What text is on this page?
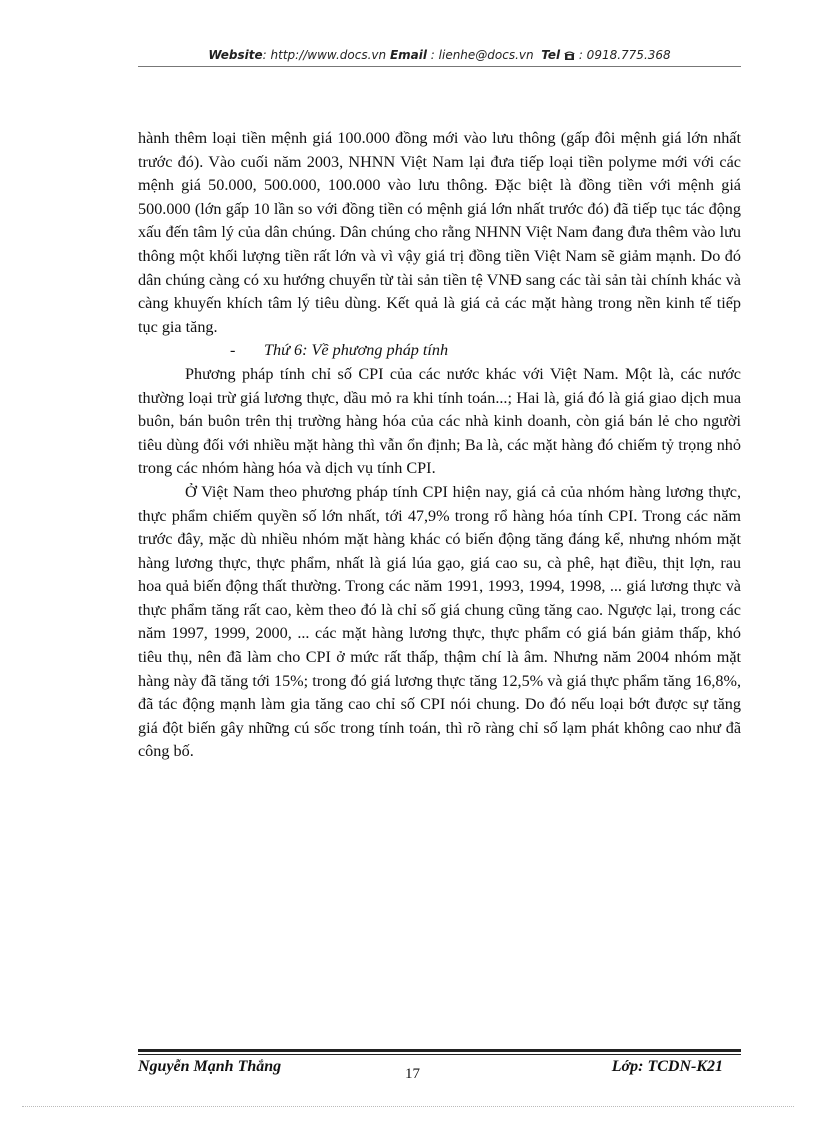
Website: http://www.docs.vn Email : lienhe@docs.vn Tel : 0918.775.368

hành thêm loại tiền mệnh giá 100.000 đồng mới vào lưu thông (gấp đôi mệnh giá lớn nhất trước đó). Vào cuối năm 2003, NHNN Việt Nam lại đưa tiếp loại tiền polyme mới với các mệnh giá 50.000, 500.000, 100.000 vào lưu thông. Đặc biệt là đồng tiền với mệnh giá 500.000 (lớn gấp 10 lần so với đồng tiền có mệnh giá lớn nhất trước đó) đã tiếp tục tác động xấu đến tâm lý của dân chúng. Dân chúng cho rằng NHNN Việt Nam đang đưa thêm vào lưu thông một khối lượng tiền rất lớn và vì vậy giá trị đồng tiền Việt Nam sẽ giảm mạnh. Do đó dân chúng càng có xu hướng chuyển từ tài sản tiền tệ VNĐ sang các tài sản tài chính khác và càng khuyến khích tâm lý tiêu dùng. Kết quả là giá cả các mặt hàng trong nền kinh tế tiếp tục gia tăng.

- Thứ 6: Về phương pháp tính

Phương pháp tính chỉ số CPI của các nước khác với Việt Nam. Một là, các nước thường loại trừ giá lương thực, dầu mỏ ra khi tính toán...; Hai là, giá đó là giá giao dịch mua buôn, bán buôn trên thị trường hàng hóa của các nhà kinh doanh, còn giá bán lẻ cho người tiêu dùng đối với nhiều mặt hàng thì vẫn ổn định; Ba là, các mặt hàng đó chiếm tỷ trọng nhỏ trong các nhóm hàng hóa và dịch vụ tính CPI.

Ở Việt Nam theo phương pháp tính CPI hiện nay, giá cả của nhóm hàng lương thực, thực phẩm chiếm quyền số lớn nhất, tới 47,9% trong rổ hàng hóa tính CPI. Trong các năm trước đây, mặc dù nhiều nhóm mặt hàng khác có biến động tăng đáng kể, nhưng nhóm mặt hàng lương thực, thực phẩm, nhất là giá lúa gạo, giá cao su, cà phê, hạt điều, thịt lợn, rau hoa quả biến động thất thường. Trong các năm 1991, 1993, 1994, 1998, ... giá lương thực và thực phẩm tăng rất cao, kèm theo đó là chỉ số giá chung cũng tăng cao. Ngược lại, trong các năm 1997, 1999, 2000, ... các mặt hàng lương thực, thực phẩm có giá bán giảm thấp, khó tiêu thụ, nên đã làm cho CPI ở mức rất thấp, thậm chí là âm. Nhưng năm 2004 nhóm mặt hàng này đã tăng tới 15%; trong đó giá lương thực tăng 12,5% và giá thực phẩm tăng 16,8%, đã tác động mạnh làm gia tăng cao chỉ số CPI nói chung. Do đó nếu loại bớt được sự tăng giá đột biến gây những cú sốc trong tính toán, thì rõ ràng chỉ số lạm phát không cao như đã công bố.

Nguyễn Mạnh Thắng	17	Lớp: TCDN-K21
